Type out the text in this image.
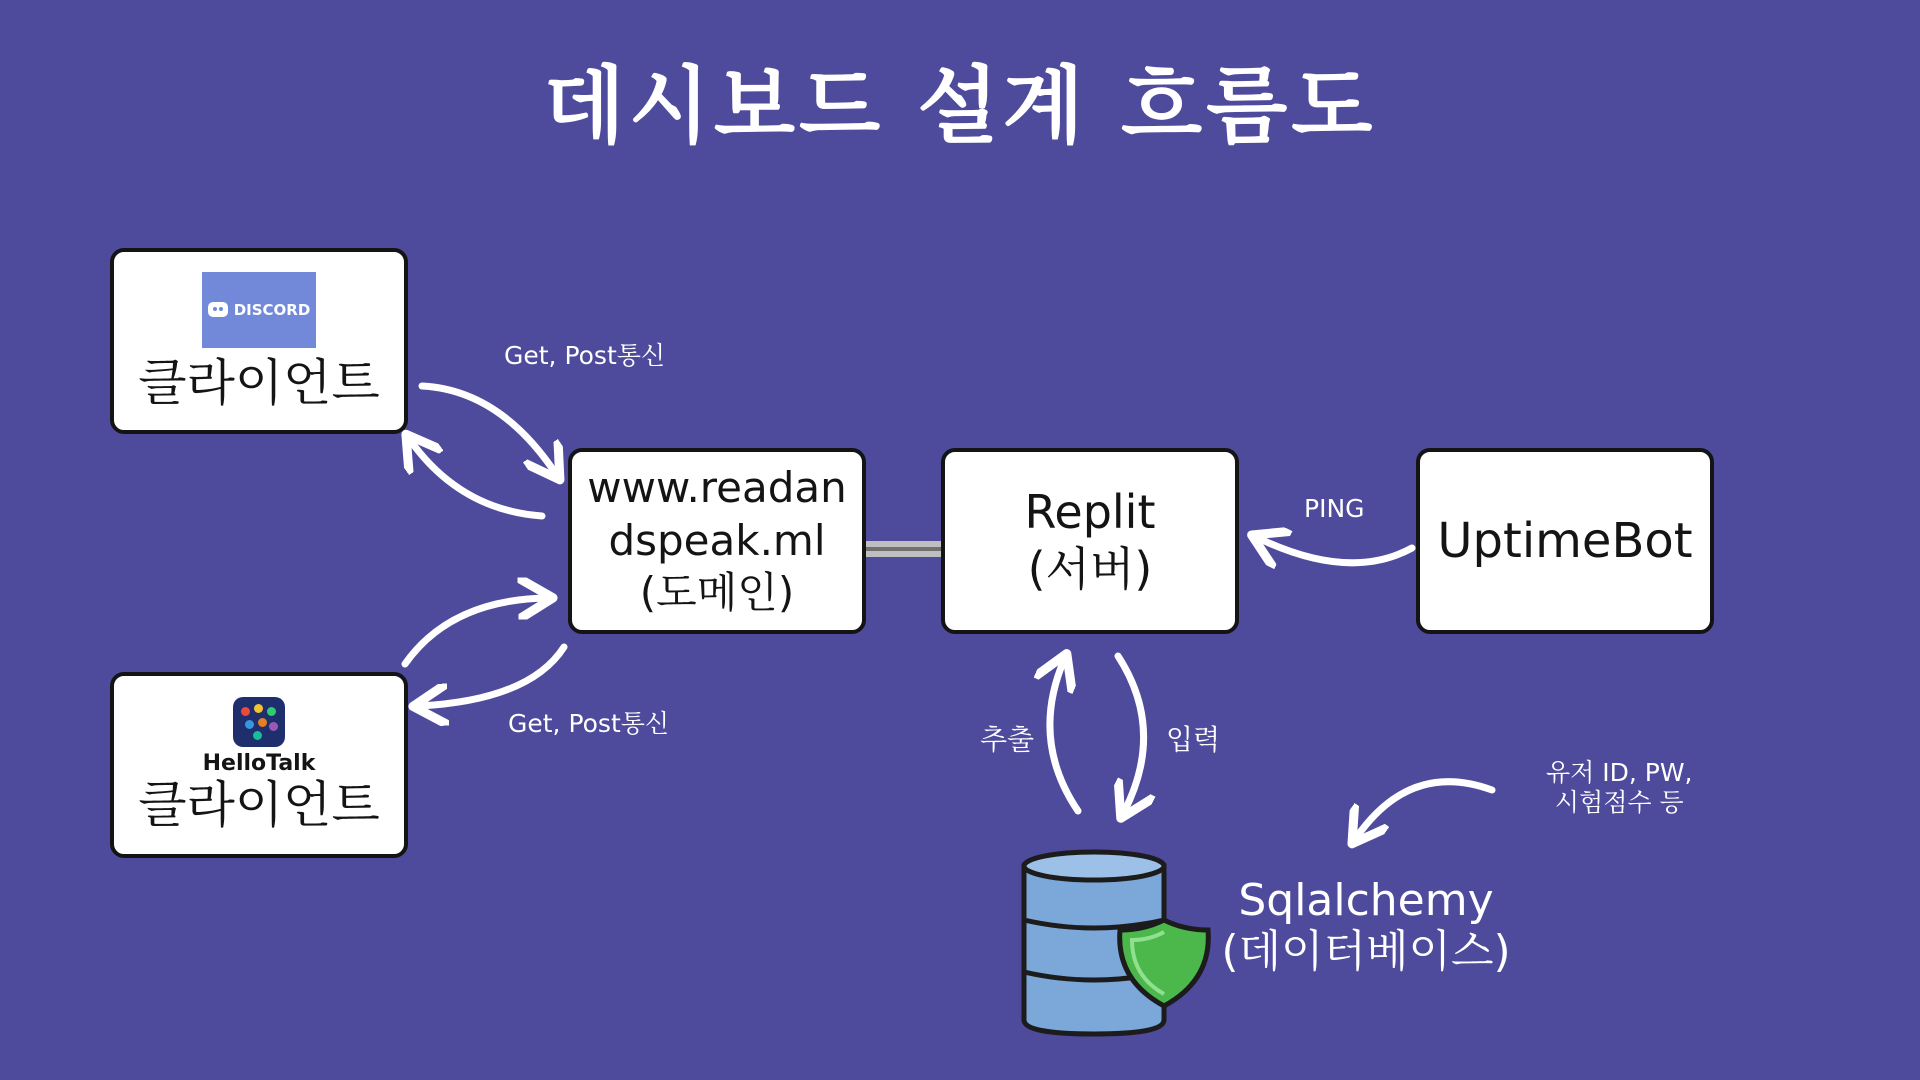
데시보드 설계 흐름도
DISCORD
클라이언트
HelloTalk
클라이언트
www.readan
dspeak.ml
(도메인)
Replit
(서버)	UptimeBot
Get, Post통신
Get, Post통신
PING
추출	입력
유저 ID, PW,
시험점수 등
Sqlalchemy
(데이터베이스)
